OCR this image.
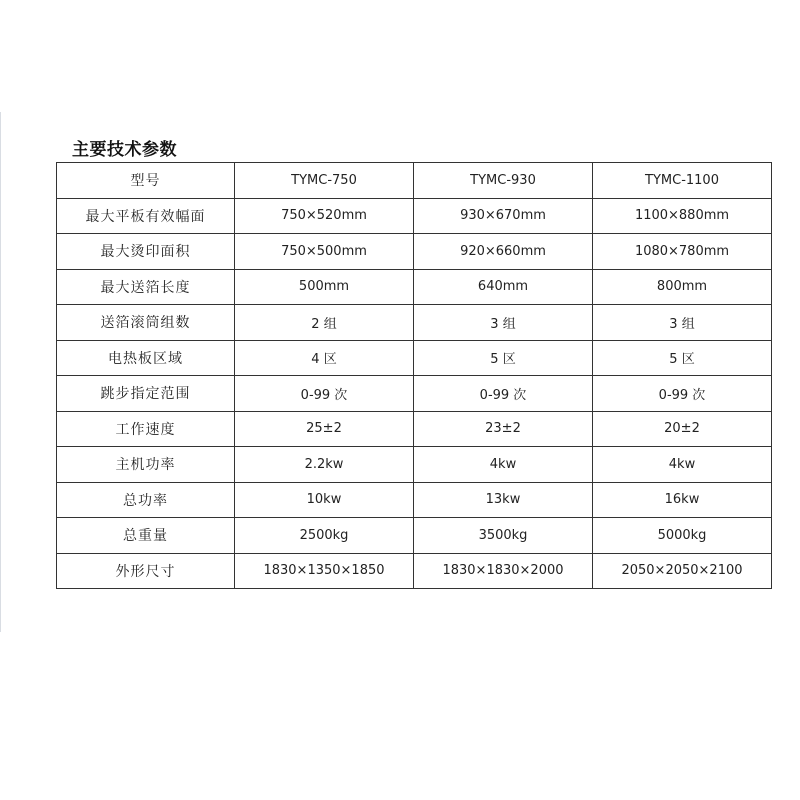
主要技术参数
型号	TYMC-750	TYMC-930	TYMC-1100
最大平板有效幅面	750×520mm	930×670mm	1100×880mm
最大烫印面积	750×500mm	920×660mm	1080×780mm
最大送箔长度	500mm	640mm	800mm
送箔滚筒组数	2 组	3 组	3 组
电热板区域	4 区	5 区	5 区
跳步指定范围	0-99 次	0-99 次	0-99 次
工作速度	25±2	23±2	20±2
主机功率	2.2kw	4kw	4kw
总功率	10kw	13kw	16kw
总重量	2500kg	3500kg	5000kg
外形尺寸	1830×1350×1850	1830×1830×2000	2050×2050×2100
